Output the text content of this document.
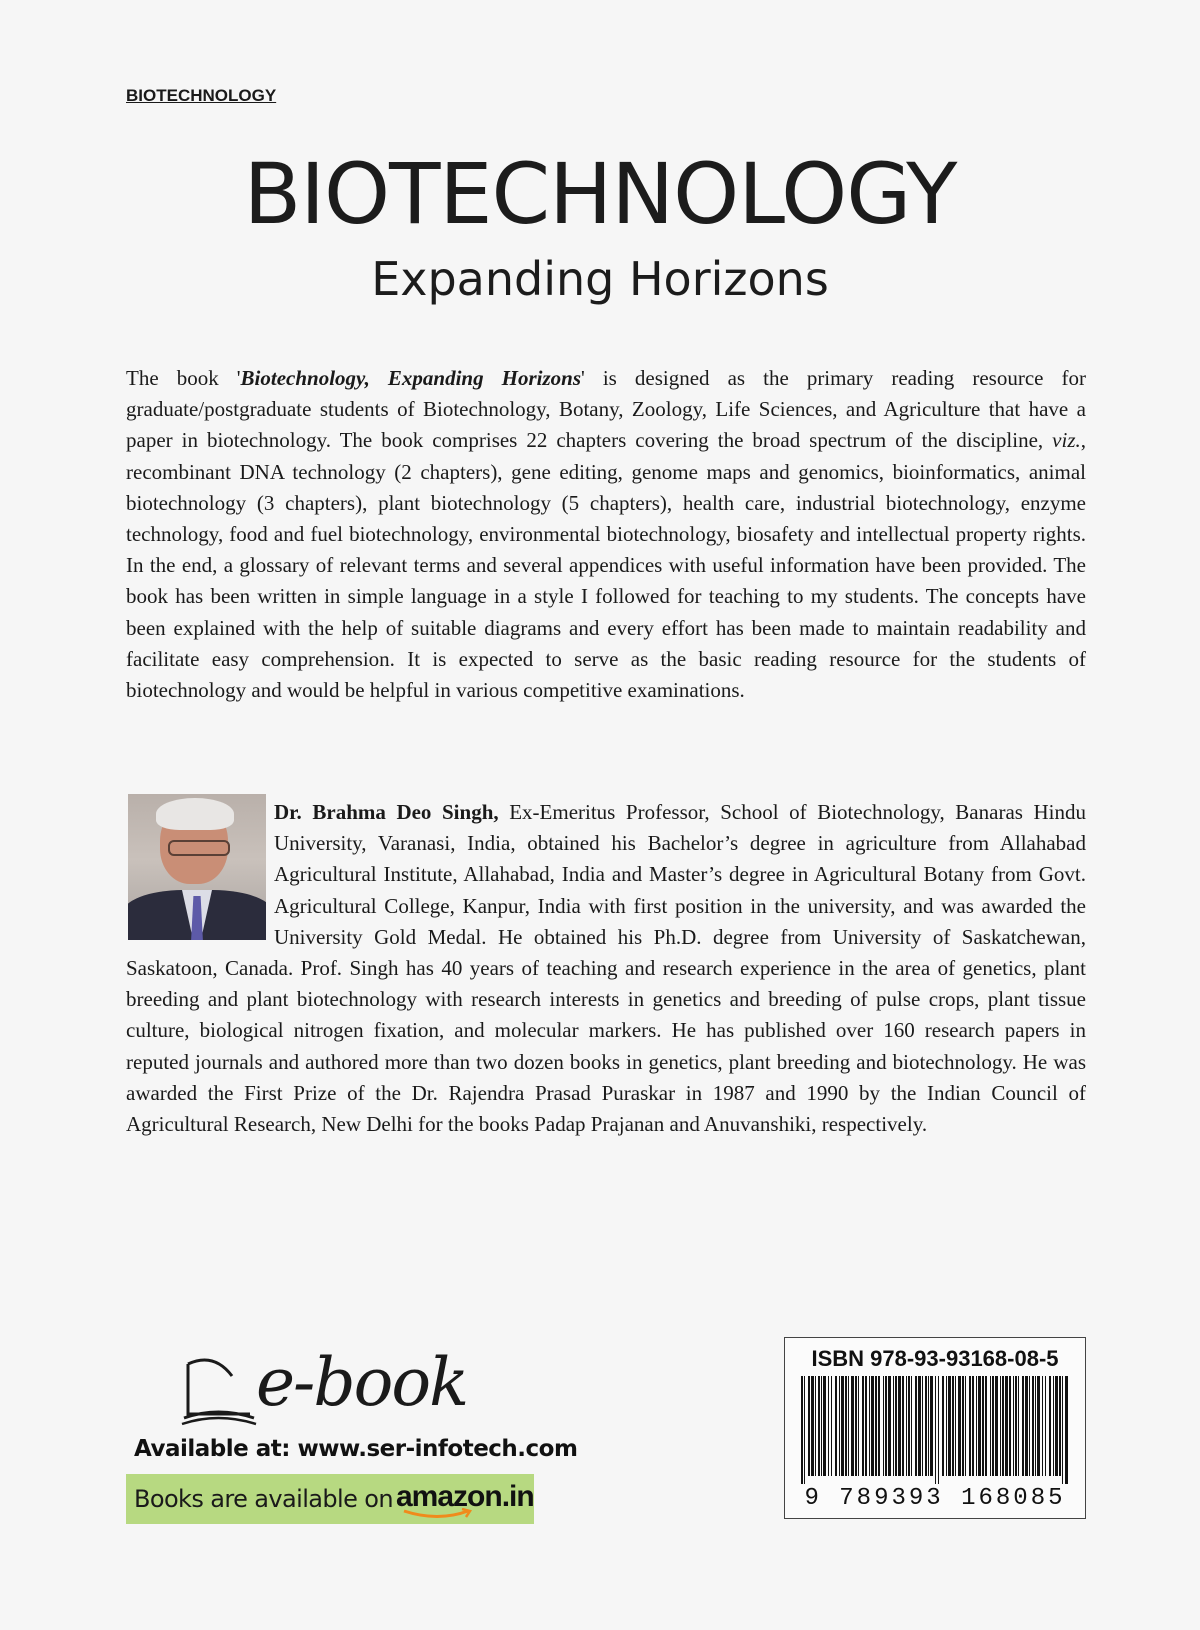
BIOTECHNOLOGY
BIOTECHNOLOGY
Expanding Horizons

The book 'Biotechnology, Expanding Horizons' is designed as the primary reading resource for graduate/postgraduate students of Biotechnology, Botany, Zoology, Life Sciences, and Agriculture that have a paper in biotechnology. The book comprises 22 chapters covering the broad spectrum of the discipline, viz., recombinant DNA technology (2 chapters), gene editing, genome maps and genomics, bioinformatics, animal biotechnology (3 chapters), plant biotechnology (5 chapters), health care, industrial biotechnology, enzyme technology, food and fuel biotechnology, environmental biotechnology, biosafety and intellectual property rights. In the end, a glossary of relevant terms and several appendices with useful information have been provided. The book has been written in simple language in a style I followed for teaching to my students. The concepts have been explained with the help of suitable diagrams and every effort has been made to maintain readability and facilitate easy comprehension. It is expected to serve as the basic reading resource for the students of biotechnology and would be helpful in various competitive examinations.

Dr. Brahma Deo Singh, Ex-Emeritus Professor, School of Biotechnology, Banaras Hindu University, Varanasi, India, obtained his Bachelor’s degree in agriculture from Allahabad Agricultural Institute, Allahabad, India and Master’s degree in Agricultural Botany from Govt. Agricultural College, Kanpur, India with first position in the university, and was awarded the University Gold Medal. He obtained his Ph.D. degree from University of Saskatchewan, Saskatoon, Canada. Prof. Singh has 40 years of teaching and research experience in the area of genetics, plant breeding and plant biotechnology with research interests in genetics and breeding of pulse crops, plant tissue culture, biological nitrogen fixation, and molecular markers. He has published over 160 research papers in reputed journals and authored more than two dozen books in genetics, plant breeding and biotechnology. He was awarded the First Prize of the Dr. Rajendra Prasad Puraskar in 1987 and 1990 by the Indian Council of Agricultural Research, New Delhi for the books Padap Prajanan and Anuvanshiki, respectively.

e-book
Available at: www.ser-infotech.com
Books are available on amazon.in
ISBN 978-93-93168-08-5
9 789393 168085
